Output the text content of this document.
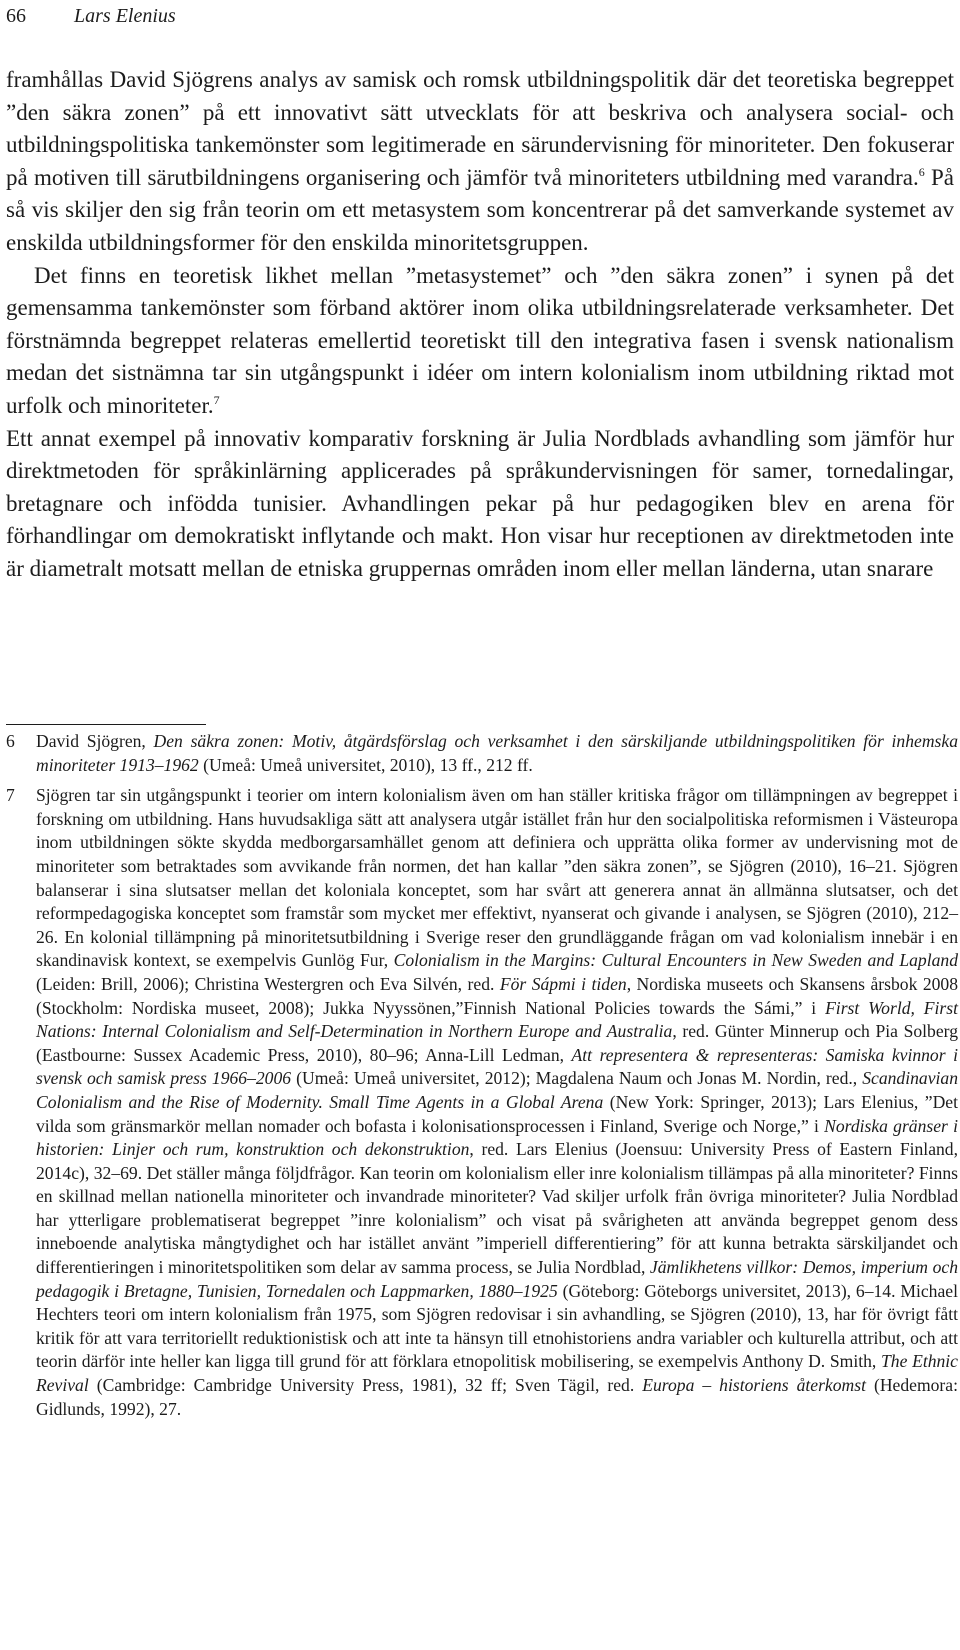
66 Lars Elenius

framhållas David Sjögrens analys av samisk och romsk utbildningspolitik där det teoretiska begreppet ”den säkra zonen” på ett innovativt sätt utvecklats för att beskriva och analysera social- och utbildningspolitiska tankemönster som legitimerade en särundervisning för minoriteter. Den fokuserar på motiven till särutbildningens organisering och jämför två minoriteters utbildning med varandra.$^6$ På så vis skiljer den sig från teorin om ett metasystem som koncentrerar på det samverkande systemet av enskilda utbildningsformer för den enskilda minoritetsgruppen.

Det finns en teoretisk likhet mellan ”metasystemet” och ”den säkra zonen” i synen på det gemensamma tankemönster som förband aktörer inom olika utbildningsrelaterade verksamheter. Det förstnämnda begreppet relateras emellertid teoretiskt till den integrativa fasen i svensk nationalism medan det sistnämna tar sin utgångspunkt i idéer om intern kolonialism inom utbildning riktad mot urfolk och minoriteter.$^7$

Ett annat exempel på innovativ komparativ forskning är Julia Nordblads avhandling som jämför hur direktmetoden för språkinlärning applicerades på språkundervisningen för samer, tornedalingar, bretagnare och infödda tunisier. Avhandlingen pekar på hur pedagogiken blev en arena för förhandlingar om demokratiskt inflytande och makt. Hon visar hur receptionen av direktmetoden inte är diametralt motsatt mellan de etniska gruppernas områden inom eller mellan länderna, utan snarare

6 David Sjögren, Den säkra zonen: Motiv, åtgärdsförslag och verksamhet i den särskiljande utbildningspolitiken för inhemska minoriteter 1913–1962 (Umeå: Umeå universitet, 2010), 13 ff., 212 ff.
7 Sjögren tar sin utgångspunkt i teorier om intern kolonialism även om han ställer kritiska frågor om tillämpningen av begreppet i forskning om utbildning. Hans huvudsakliga sätt att analysera utgår istället från hur den socialpolitiska reformismen i Västeuropa inom utbildningen sökte skydda medborgarsamhället genom att definiera och upprätta olika former av undervisning mot de minoriteter som betraktades som avvikande från normen, det han kallar ”den säkra zonen”, se Sjögren (2010), 16–21. Sjögren balanserar i sina slutsatser mellan det koloniala konceptet, som har svårt att generera annat än allmänna slutsatser, och det reformpedagogiska konceptet som framstår som mycket mer effektivt, nyanserat och givande i analysen, se Sjögren (2010), 212–26. En kolonial tillämpning på minoritetsutbildning i Sverige reser den grundläggande frågan om vad kolonialism innebär i en skandinavisk kontext, se exempelvis Gunlög Fur, Colonialism in the Margins: Cultural Encounters in New Sweden and Lapland (Leiden: Brill, 2006); Christina Westergren och Eva Silvén, red. För Sápmi i tiden, Nordiska museets och Skansens årsbok 2008 (Stockholm: Nordiska museet, 2008); Jukka Nyyssönen,”Finnish National Policies towards the Sámi,” i First World, First Nations: Internal Colonialism and Self-Determination in Northern Europe and Australia, red. Günter Minnerup och Pia Solberg (Eastbourne: Sussex Academic Press, 2010), 80–96; Anna-Lill Ledman, Att representera & representeras: Samiska kvinnor i svensk och samisk press 1966–2006 (Umeå: Umeå universitet, 2012); Magdalena Naum och Jonas M. Nordin, red., Scandinavian Colonialism and the Rise of Modernity. Small Time Agents in a Global Arena (New York: Springer, 2013); Lars Elenius, ”Det vilda som gränsmarkör mellan nomader och bofasta i kolonisationsprocessen i Finland, Sverige och Norge,” i Nordiska gränser i historien: Linjer och rum, konstruktion och dekonstruktion, red. Lars Elenius (Joensuu: University Press of Eastern Finland, 2014c), 32–69. Det ställer många följdfrågor. Kan teorin om kolonialism eller inre kolonialism tillämpas på alla minoriteter? Finns en skillnad mellan nationella minoriteter och invandrade minoriteter? Vad skiljer urfolk från övriga minoriteter? Julia Nordblad har ytterligare problematiserat begreppet ”inre kolonialism” och visat på svårigheten att använda begreppet genom dess inneboende analytiska mångtydighet och har istället använt ”imperiell differentiering” för att kunna betrakta särskiljandet och differentieringen i minoritetspolitiken som delar av samma process, se Julia Nordblad, Jämlikhetens villkor: Demos, imperium och pedagogik i Bretagne, Tunisien, Tornedalen och Lappmarken, 1880–1925 (Göteborg: Göteborgs universitet, 2013), 6–14. Michael Hechters teori om intern kolonialism från 1975, som Sjögren redovisar i sin avhandling, se Sjögren (2010), 13, har för övrigt fått kritik för att vara territoriellt reduktionistisk och att inte ta hänsyn till etnohistoriens andra variabler och kulturella attribut, och att teorin därför inte heller kan ligga till grund för att förklara etnopolitisk mobilisering, se exempelvis Anthony D. Smith, The Ethnic Revival (Cambridge: Cambridge University Press, 1981), 32 ff; Sven Tägil, red. Europa – historiens återkomst (Hedemora: Gidlunds, 1992), 27.
